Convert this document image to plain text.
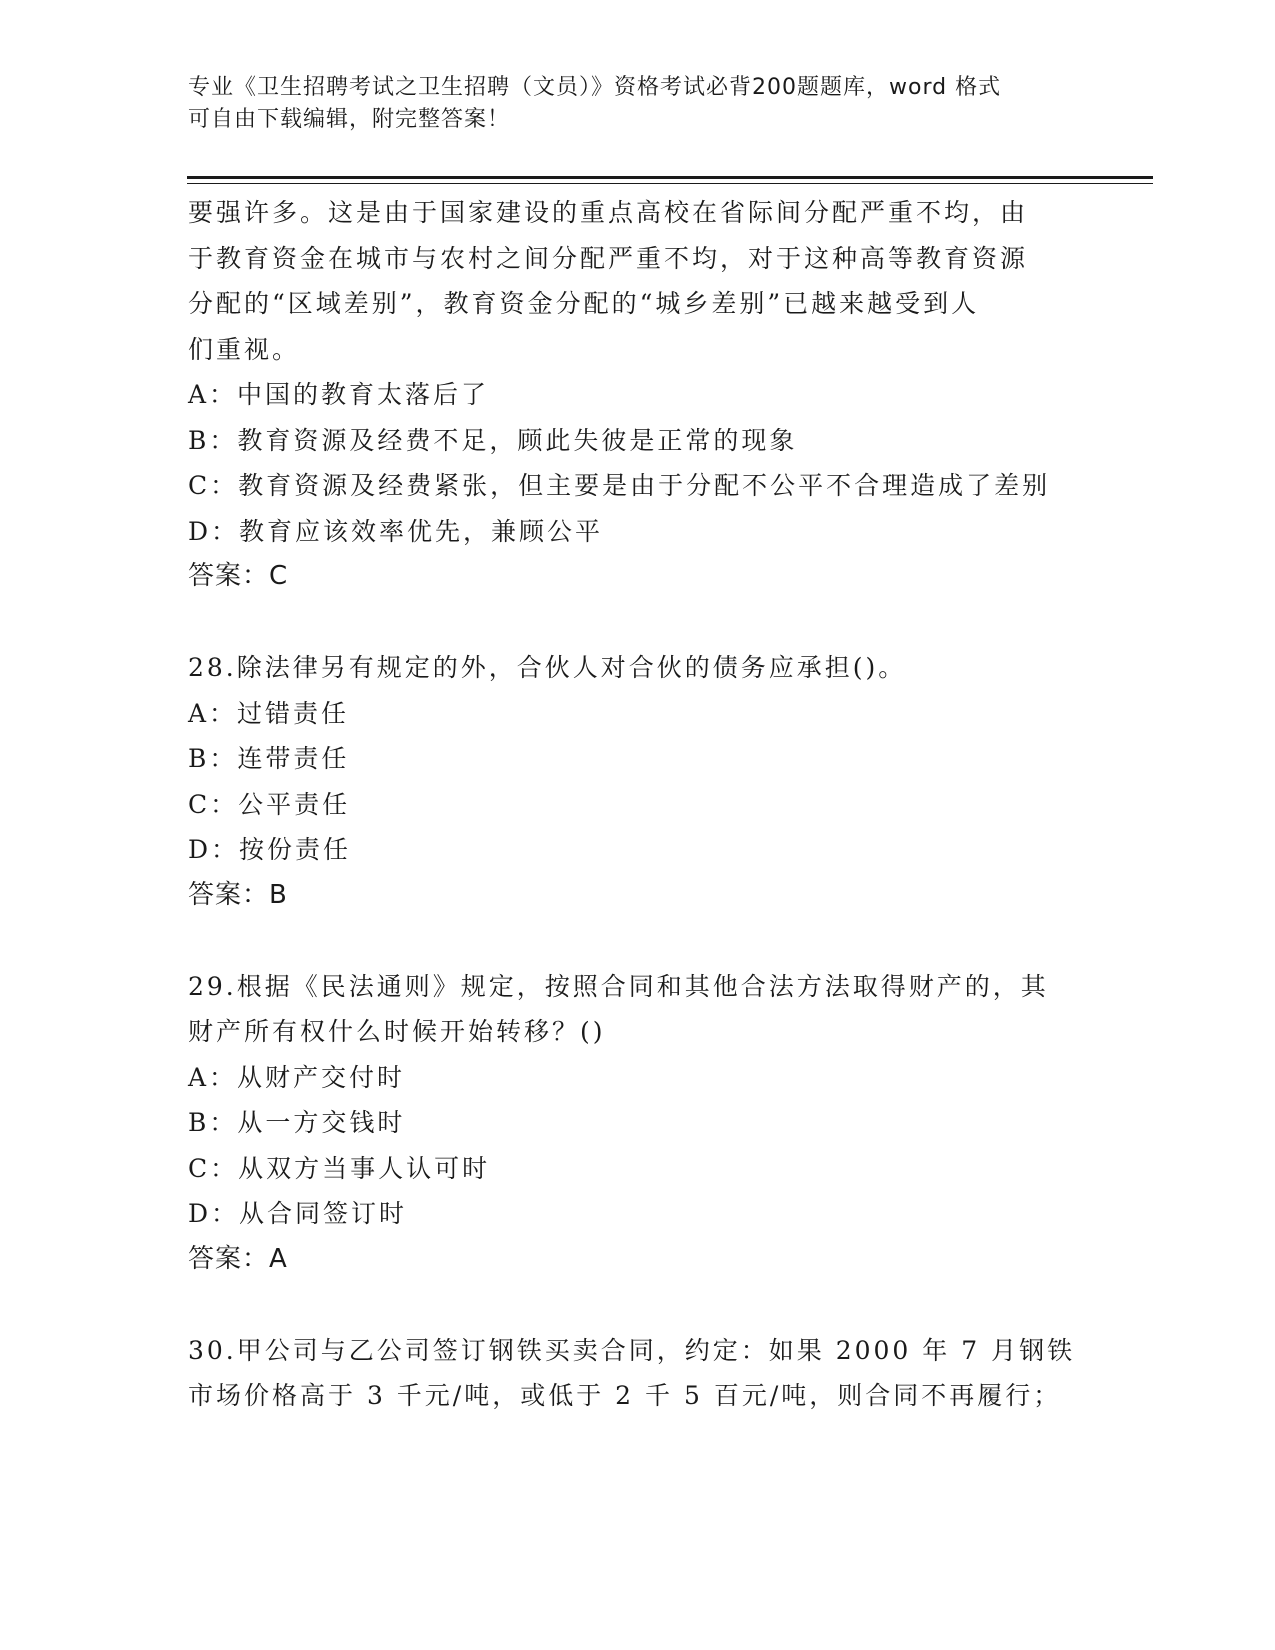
专业《卫生招聘考试之卫生招聘（文员）》资格考试必背200题题库，word 格式
可自由下载编辑，附完整答案！
要强许多。这是由于国家建设的重点高校在省际间分配严重不均，由
于教育资金在城市与农村之间分配严重不均，对于这种高等教育资源
分配的“区域差别”，教育资金分配的“城乡差别”已越来越受到人
们重视。
A：中国的教育太落后了
B：教育资源及经费不足，顾此失彼是正常的现象
C：教育资源及经费紧张，但主要是由于分配不公平不合理造成了差别
D：教育应该效率优先，兼顾公平
答案：C
28.除法律另有规定的外，合伙人对合伙的债务应承担()。
A：过错责任
B：连带责任
C：公平责任
D：按份责任
答案：B
29.根据《民法通则》规定，按照合同和其他合法方法取得财产的，其
财产所有权什么时候开始转移？()
A：从财产交付时
B：从一方交钱时
C：从双方当事人认可时
D：从合同签订时
答案：A
30.甲公司与乙公司签订钢铁买卖合同，约定：如果 2000 年 7 月钢铁
市场价格高于 3 千元/吨，或低于 2 千 5 百元/吨，则合同不再履行；
